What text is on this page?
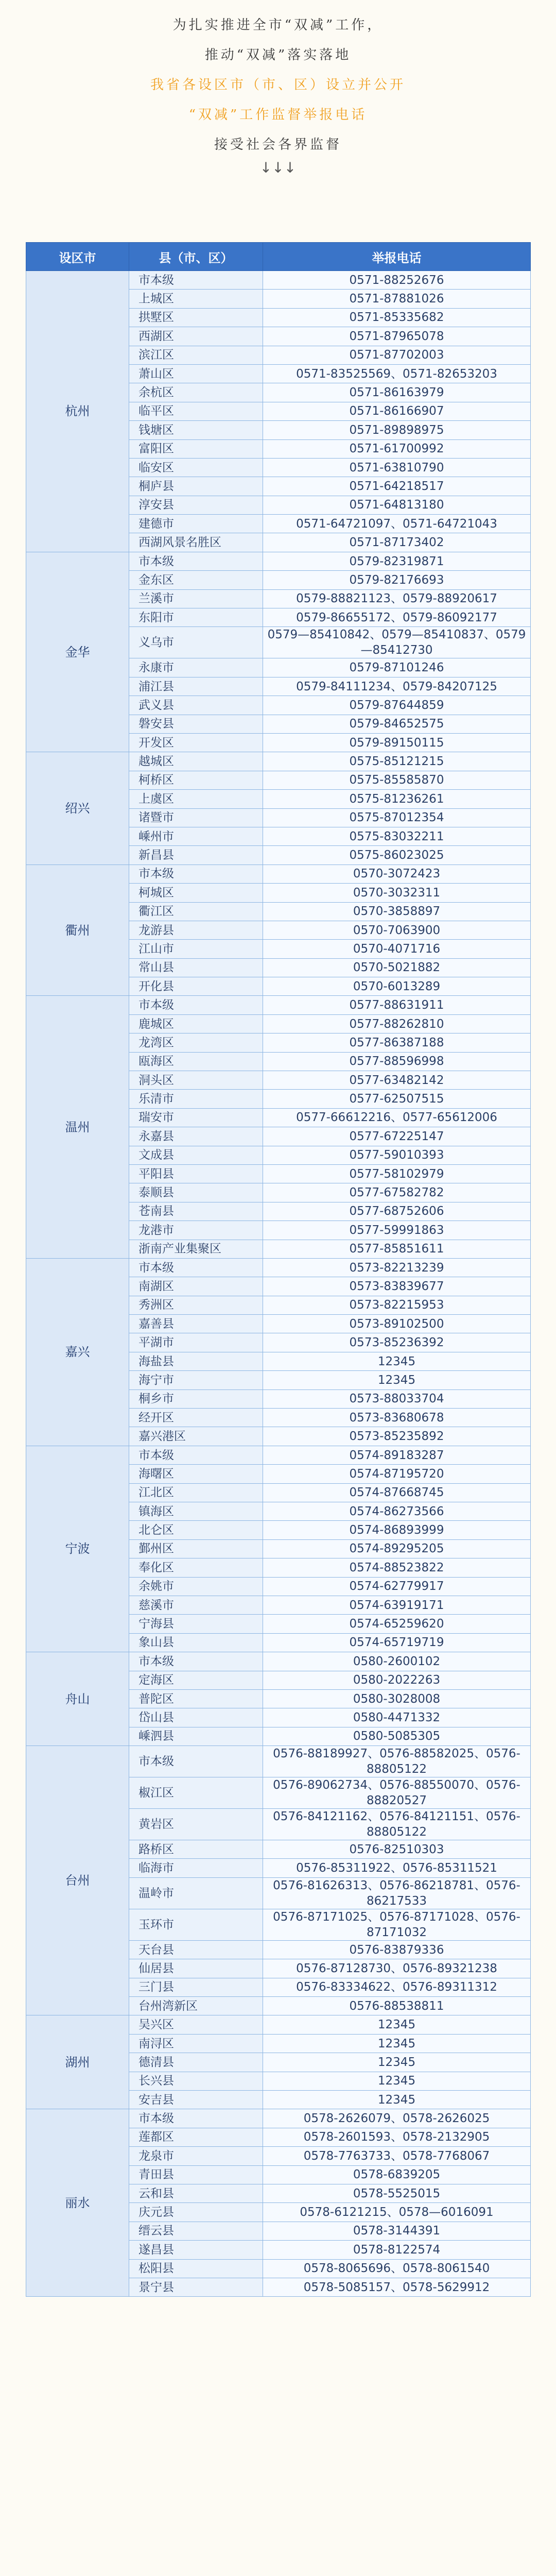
为扎实推进全市“双减”工作，
推动“双减”落实落地
我省各设区市（市、区）设立并公开
“双减”工作监督举报电话
接受社会各界监督
↓↓↓
设区市	县（市、区）	举报电话
杭州	市本级	0571-88252676
	上城区	0571-87881026
	拱墅区	0571-85335682
	西湖区	0571-87965078
	滨江区	0571-87702003
	萧山区	0571-83525569、0571-82653203
	余杭区	0571-86163979
	临平区	0571-86166907
	钱塘区	0571-89898975
	富阳区	0571-61700992
	临安区	0571-63810790
	桐庐县	0571-64218517
	淳安县	0571-64813180
	建德市	0571-64721097、0571-64721043
	西湖风景名胜区	0571-87173402
金华	市本级	0579-82319871
	金东区	0579-82176693
	兰溪市	0579-88821123、0579-88920617
	东阳市	0579-86655172、0579-86092177
	义乌市	0579—85410842、0579—85410837、0579—85412730
	永康市	0579-87101246
	浦江县	0579-84111234、0579-84207125
	武义县	0579-87644859
	磐安县	0579-84652575
	开发区	0579-89150115
绍兴	越城区	0575-85121215
	柯桥区	0575-85585870
	上虞区	0575-81236261
	诸暨市	0575-87012354
	嵊州市	0575-83032211
	新昌县	0575-86023025
衢州	市本级	0570-3072423
	柯城区	0570-3032311
	衢江区	0570-3858897
	龙游县	0570-7063900
	江山市	0570-4071716
	常山县	0570-5021882
	开化县	0570-6013289
温州	市本级	0577-88631911
	鹿城区	0577-88262810
	龙湾区	0577-86387188
	瓯海区	0577-88596998
	洞头区	0577-63482142
	乐清市	0577-62507515
	瑞安市	0577-66612216、0577-65612006
	永嘉县	0577-67225147
	文成县	0577-59010393
	平阳县	0577-58102979
	泰顺县	0577-67582782
	苍南县	0577-68752606
	龙港市	0577-59991863
	浙南产业集聚区	0577-85851611
嘉兴	市本级	0573-82213239
	南湖区	0573-83839677
	秀洲区	0573-82215953
	嘉善县	0573-89102500
	平湖市	0573-85236392
	海盐县	12345
	海宁市	12345
	桐乡市	0573-88033704
	经开区	0573-83680678
	嘉兴港区	0573-85235892
宁波	市本级	0574-89183287
	海曙区	0574-87195720
	江北区	0574-87668745
	镇海区	0574-86273566
	北仑区	0574-86893999
	鄞州区	0574-89295205
	奉化区	0574-88523822
	余姚市	0574-62779917
	慈溪市	0574-63919171
	宁海县	0574-65259620
	象山县	0574-65719719
舟山	市本级	0580-2600102
	定海区	0580-2022263
	普陀区	0580-3028008
	岱山县	0580-4471332
	嵊泗县	0580-5085305
台州	市本级	0576-88189927、0576-88582025、0576-88805122
	椒江区	0576-89062734、0576-88550070、0576-88820527
	黄岩区	0576-84121162、0576-84121151、0576-88805122
	路桥区	0576-82510303
	临海市	0576-85311922、0576-85311521
	温岭市	0576-81626313、0576-86218781、0576-86217533
	玉环市	0576-87171025、0576-87171028、0576-87171032
	天台县	0576-83879336
	仙居县	0576-87128730、0576-89321238
	三门县	0576-83334622、0576-89311312
	台州湾新区	0576-88538811
湖州	吴兴区	12345
	南浔区	12345
	德清县	12345
	长兴县	12345
	安吉县	12345
丽水	市本级	0578-2626079、0578-2626025
	莲都区	0578-2601593、0578-2132905
	龙泉市	0578-7763733、0578-7768067
	青田县	0578-6839205
	云和县	0578-5525015
	庆元县	0578-6121215、0578—6016091
	缙云县	0578-3144391
	遂昌县	0578-8122574
	松阳县	0578-8065696、0578-8061540
	景宁县	0578-5085157、0578-5629912
